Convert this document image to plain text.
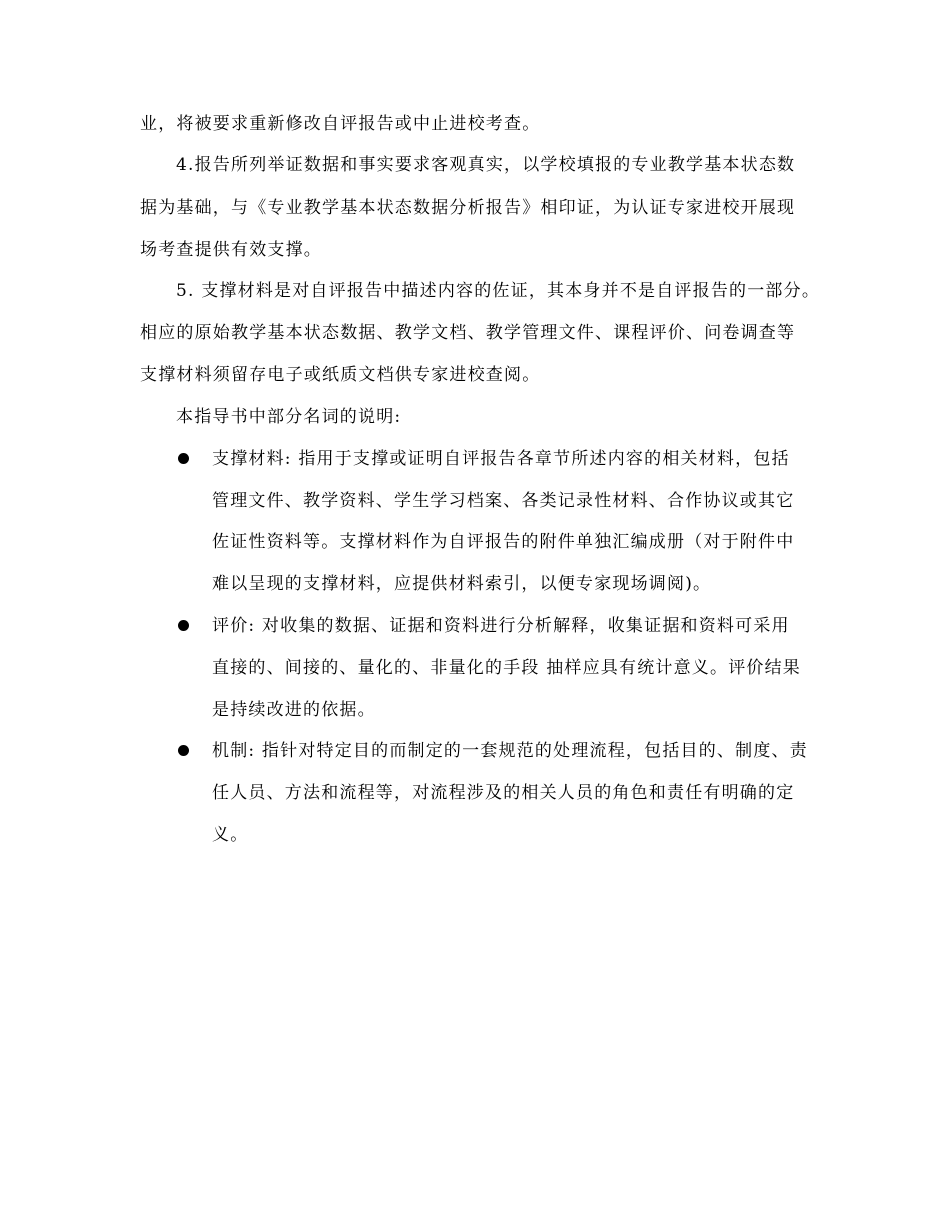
业，将被要求重新修改自评报告或中止进校考查。
4.报告所列举证数据和事实要求客观真实，以学校填报的专业教学基本状态数
据为基础，与《专业教学基本状态数据分析报告》相印证，为认证专家进校开展现
场考查提供有效支撑。
5. 支撑材料是对自评报告中描述内容的佐证，其本身并不是自评报告的一部分。
相应的原始教学基本状态数据、教学文档、教学管理文件、课程评价、问卷调查等
支撑材料须留存电子或纸质文档供专家进校查阅。
本指导书中部分名词的说明:
支撑材料: 指用于支撑或证明自评报告各章节所述内容的相关材料，包括
管理文件、教学资料、学生学习档案、各类记录性材料、合作协议或其它
佐证性资料等。支撑材料作为自评报告的附件单独汇编成册（对于附件中
难以呈现的支撑材料，应提供材料索引，以便专家现场调阅)。
评价: 对收集的数据、证据和资料进行分析解释，收集证据和资料可采用
直接的、间接的、量化的、非量化的手段 抽样应具有统计意义。评价结果
是持续改进的依据。
机制: 指针对特定目的而制定的一套规范的处理流程，包括目的、制度、责
任人员、方法和流程等，对流程涉及的相关人员的角色和责任有明确的定
义。
